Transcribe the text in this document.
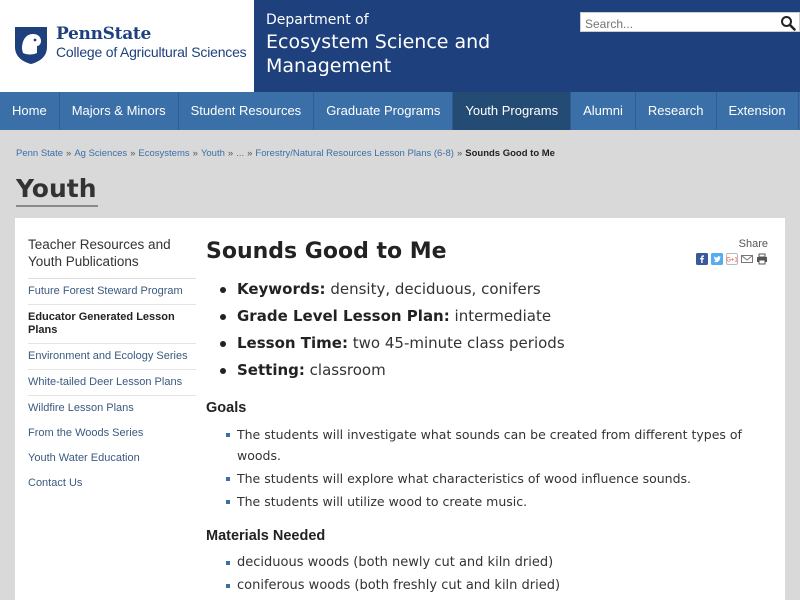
PennState
College of Agricultural Sciences
Department of
Ecosystem Science and
Management
Search...
Home	Majors & Minors	Student Resources	Graduate Programs	Youth Programs	Alumni	Research	Extension
Penn State » Ag Sciences » Ecosystems » Youth » ... » Forestry/Natural Resources Lesson Plans (6-8) » Sounds Good to Me
Youth
Teacher Resources and Youth Publications
Future Forest Steward Program
Educator Generated Lesson Plans
Environment and Ecology Series
White-tailed Deer Lesson Plans
Wildfire Lesson Plans
From the Woods Series
Youth Water Education
Contact Us
Sounds Good to Me	Share
G+1
Keywords: density, deciduous, conifers
Grade Level Lesson Plan: intermediate
Lesson Time: two 45-minute class periods
Setting: classroom
Goals
The students will investigate what sounds can be created from different types of woods.
The students will explore what characteristics of wood influence sounds.
The students will utilize wood to create music.
Materials Needed
deciduous woods (both newly cut and kiln dried)
coniferous woods (both freshly cut and kiln dried)
